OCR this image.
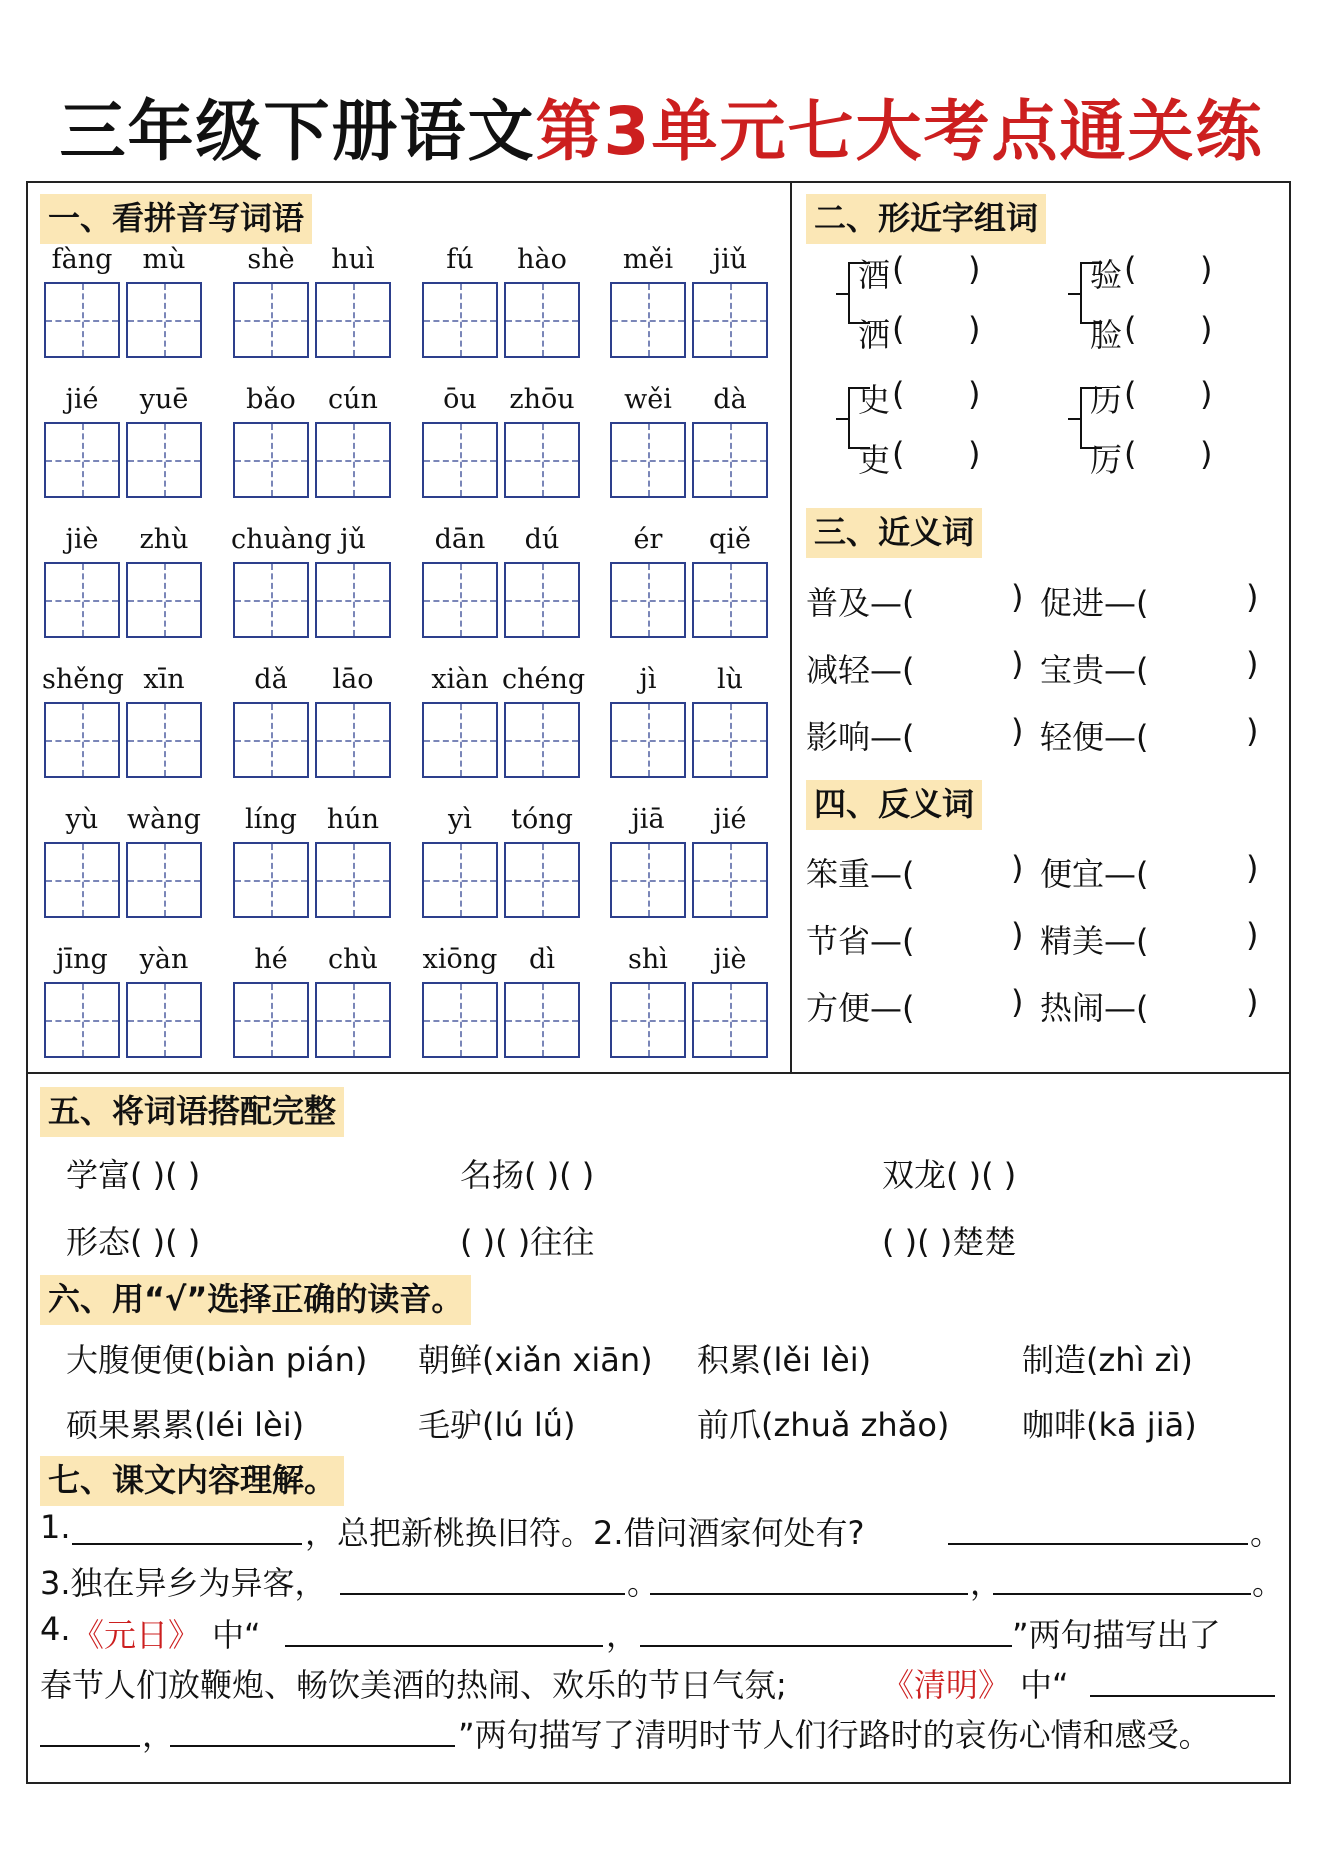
三年级下册语文第3单元七大考点通关练
一、看拼音写词语
fàng	mù	shè	huì	fú	hào	měi	jiǔ
jié	yuē	bǎo	cún	ōu	zhōu	wěi	dà
jiè	zhù	chuàng jǔ	dān	dú	ér	qiě
shěng xīn	dǎ	lāo	xiàn chéng	jì	lù
yù	wàng	líng	hún	yì	tóng	jiā	jié
jīng	yàn	hé	chù	xiōng	dì	shì	jiè
二、形近字组词
酒 ( )
洒 ( )
验 ( )
脸 ( )
史 ( )
吏 ( )
历 ( )
厉 ( )
三、近义词
普及—(	) 促进—(	)
减轻—(	) 宝贵—(	)
影响—(	) 轻便—(	)
四、反义词
笨重—(	) 便宜—(	)
节省—(	) 精美—(	)
方便—(	) 热闹—(	)
五、将词语搭配完整
学富( )( )	名扬( )( )	双龙( )( )
形态( )( )	( )( )往往	( )( )楚楚
六、用“√”选择正确的读音。
大腹便便(biàn pián) 朝鲜(xiǎn xiān) 积累(lěi lèi)	制造(zhì zì)
硕果累累(léi lèi)	毛驴(lú lǘ)	前爪(zhuǎ zhǎo) 咖啡(kā jiā)
七、课文内容理解。
1.	，总把新桃换旧符。2.借问酒家何处有?	。
3.独在异乡为异客，	。	，	。
4. 《元日》 中“	，	”两句描写出了
春节人们放鞭炮、畅饮美酒的热闹、欢乐的节日气氛;	《清明》 中“
，	”两句描写了清明时节人们行路时的哀伤心情和感受。
